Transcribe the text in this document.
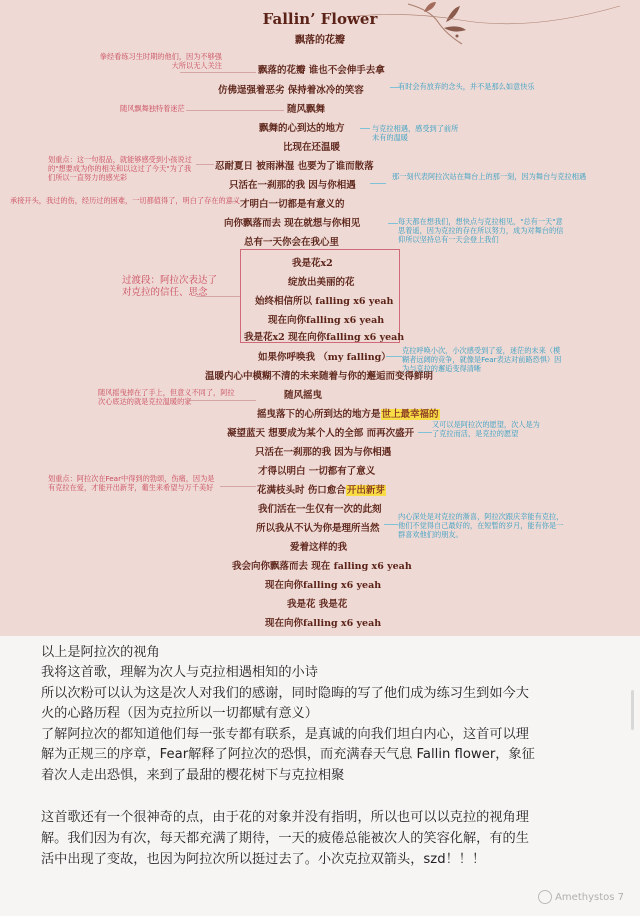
Fallin’ Flower
飘落的花瓣
飘落的花瓣 谁也不会伸手去拿
仿佛逞强着恶劣 保持着冰冷的笑容
随风飘舞
飘舞的心到达的地方
比现在还温暖
忍耐夏日 被雨淋湿 也要为了谁而散落
只活在一刹那的我 因与你相遇
才明白一切都是有意义的
向你飘落而去 现在就想与你相见
总有一天你会在我心里
我是花x2
绽放出美丽的花
始终相信所以 falling x6 yeah
现在向你falling x6 yeah
我是花x2 现在向你falling x6 yeah
如果你呼唤我 （my falling）
温暖内心中模糊不清的未来随着与你的邂逅而变得鲜明
随风摇曳
摇曳落下的心所到达的地方是世上最幸福的
凝望蓝天 想要成为某个人的全部 而再次盛开
只活在一刹那的我 因为与你相遇
才得以明白 一切都有了意义
花满枝头时 伤口愈合开出新芽
我们活在一生仅有一次的此刻
所以我从不认为你是理所当然
爱着这样的我
我会向你飘落而去 现在 falling x6 yeah
现在向你falling x6 yeah
我是花 我是花
现在向你falling x6 yeah
拳经看练习生时期的他们，因为不够强大所以无人关注
有时会有放弃的念头，并不是那么如意快乐
随风飘舞独特着迷茫
与克拉相遇，感受到了前所未有的温暖
划重点：这一句很品，就能够感受到小孩说过的"想要成为你的相关和以这过了今天"为了我们所以一直努力的感光彩	那一刻代表阿拉次站在舞台上的那一刻，因为舞台与克拉相遇
承接开头，我过的伤，经历过的困难，一切都值得了，明白了存在的意义
每天都在想我们，想快点与克拉相见，"总有一天"意思着遥，因为克拉的存在所以努力，成为对舞台的信仰所以坚持总有一天会登上我们
过渡段：阿拉次表达了对克拉的信任、思念
克拉呼唤小次，小次感受到了爱，迷茫的未来（模糊者远阔的竞争，就像是Fear表达对前路恐惧）因为与克拉的邂逅变得清晰
随风摇曳掉在了手上，但意义不同了，阿拉次心底达的就是克拉温暖的家
又可以是阿拉次的愿望，次人是为了克拉而活，是克拉的愿望
划重点：阿拉次在Fear中得到的勃颂，伤痛，因为是有克拉在爱，才能开出新芽，葡生来希望与万千美好
内心深处是对克拉的渐喜，阿拉次跟庆幸能有克拉，他们不觉得自己最好的，在短暂的岁月，能有你是一群喜欢他们的朋友。
以上是阿拉次的视角
我将这首歌，理解为次人与克拉相遇相知的小诗
所以次粉可以认为这是次人对我们的感谢，同时隐晦的写了他们成为练习生到如今大
火的心路历程（因为克拉所以一切都赋有意义）
了解阿拉次的都知道他们每一张专都有联系，是真诚的向我们坦白内心，这首可以理
解为正规三的序章，Fear解释了阿拉次的恐惧，而充满春天气息 Fallin flower，象征
着次人走出恐惧，来到了最甜的樱花树下与克拉相聚
这首歌还有一个很神奇的点，由于花的对象并没有指明，所以也可以以克拉的视角理
解。我们因为有次，每天都充满了期待，一天的疲倦总能被次人的笑容化解，有的生
活中出现了变故，也因为阿拉次所以挺过去了。小次克拉双箭头，szd！！！
Amethystos 7
